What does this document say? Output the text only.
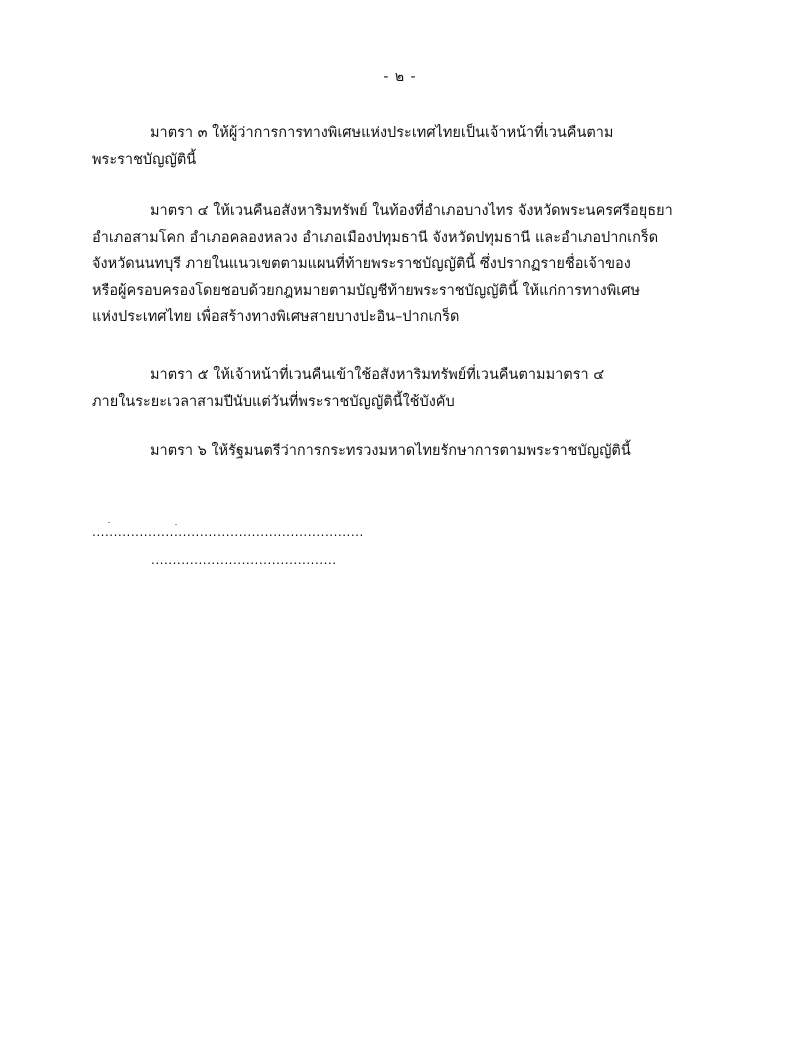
- ๒ -
มาตรา ๓ ให้ผู้ว่าการการทางพิเศษแห่งประเทศไทยเป็นเจ้าหน้าที่เวนคืนตาม
พระราชบัญญัตินี้
มาตรา ๔ ให้เวนคืนอสังหาริมทรัพย์ ในท้องที่อำเภอบางไทร จังหวัดพระนครศรีอยุธยา
อำเภอสามโคก อำเภอคลองหลวง อำเภอเมืองปทุมธานี จังหวัดปทุมธานี และอำเภอปากเกร็ด
จังหวัดนนทบุรี ภายในแนวเขตตามแผนที่ท้ายพระราชบัญญัตินี้ ซึ่งปรากฏรายชื่อเจ้าของ
หรือผู้ครอบครองโดยชอบด้วยกฎหมายตามบัญชีท้ายพระราชบัญญัตินี้ ให้แก่การทางพิเศษ
แห่งประเทศไทย เพื่อสร้างทางพิเศษสายบางปะอิน–ปากเกร็ด
มาตรา ๕ ให้เจ้าหน้าที่เวนคืนเข้าใช้อสังหาริมทรัพย์ที่เวนคืนตามมาตรา ๔
ภายในระยะเวลาสามปีนับแต่วันที่พระราชบัญญัตินี้ใช้บังคับ
มาตรา ๖ ให้รัฐมนตรีว่าการกระทรวงมหาดไทยรักษาการตามพระราชบัญญัตินี้
...............................................................
...........................................
